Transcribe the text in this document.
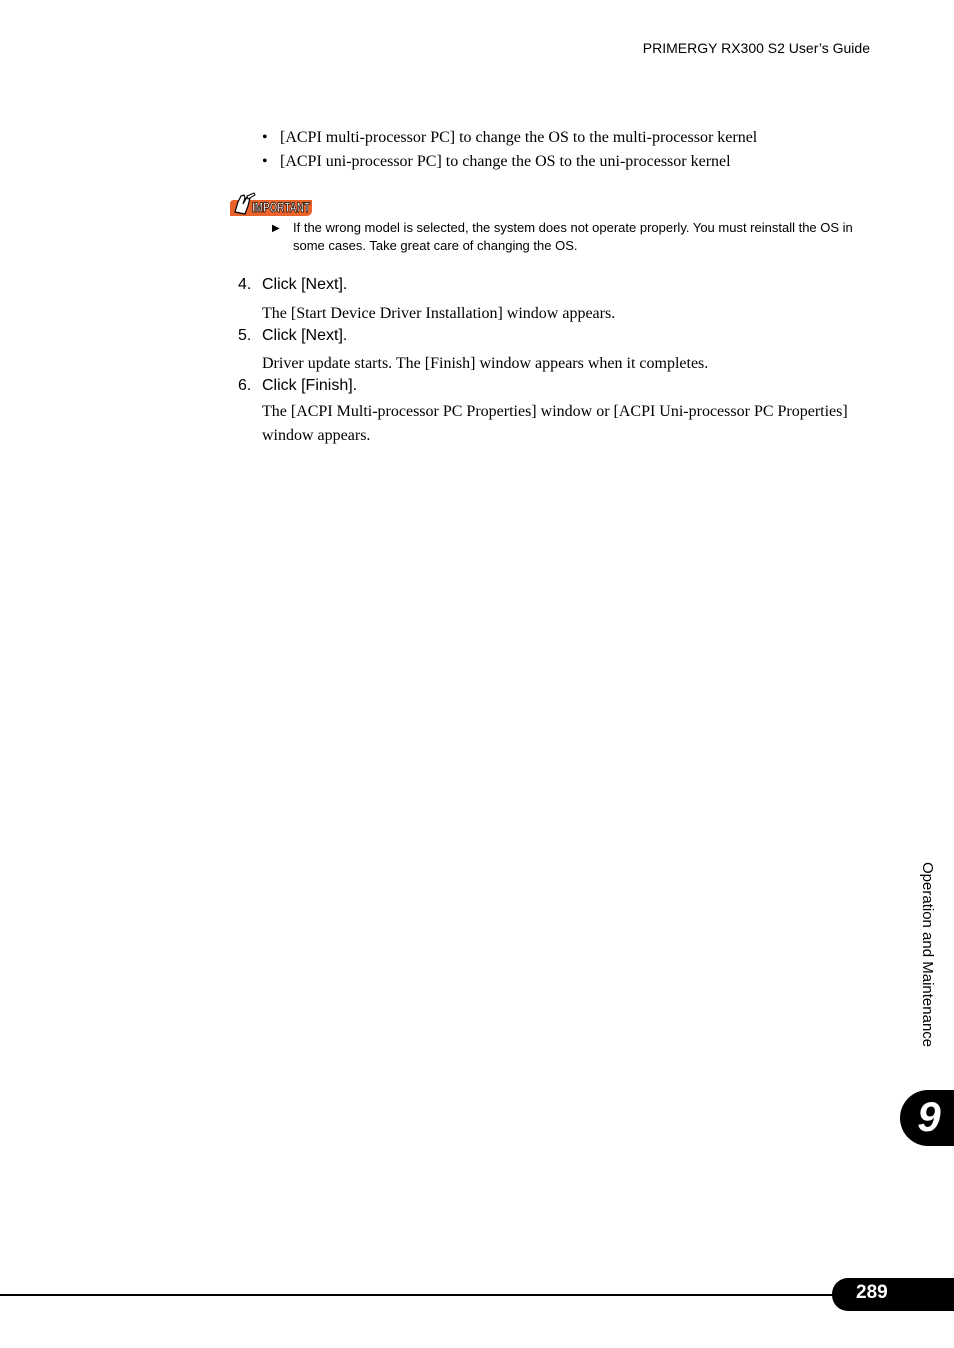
PRIMERGY RX300 S2 User’s Guide
• [ACPI multi-processor PC] to change the OS to the multi-processor kernel
• [ACPI uni-processor PC] to change the OS to the uni-processor kernel
IMPORTANT
▶ If the wrong model is selected, the system does not operate properly. You must reinstall the OS in some cases. Take great care of changing the OS.
4. Click [Next].
The [Start Device Driver Installation] window appears.
5. Click [Next].
Driver update starts. The [Finish] window appears when it completes.
6. Click [Finish].
The [ACPI Multi-processor PC Properties] window or [ACPI Uni-processor PC Properties] window appears.
Operation and Maintenance
9
289
